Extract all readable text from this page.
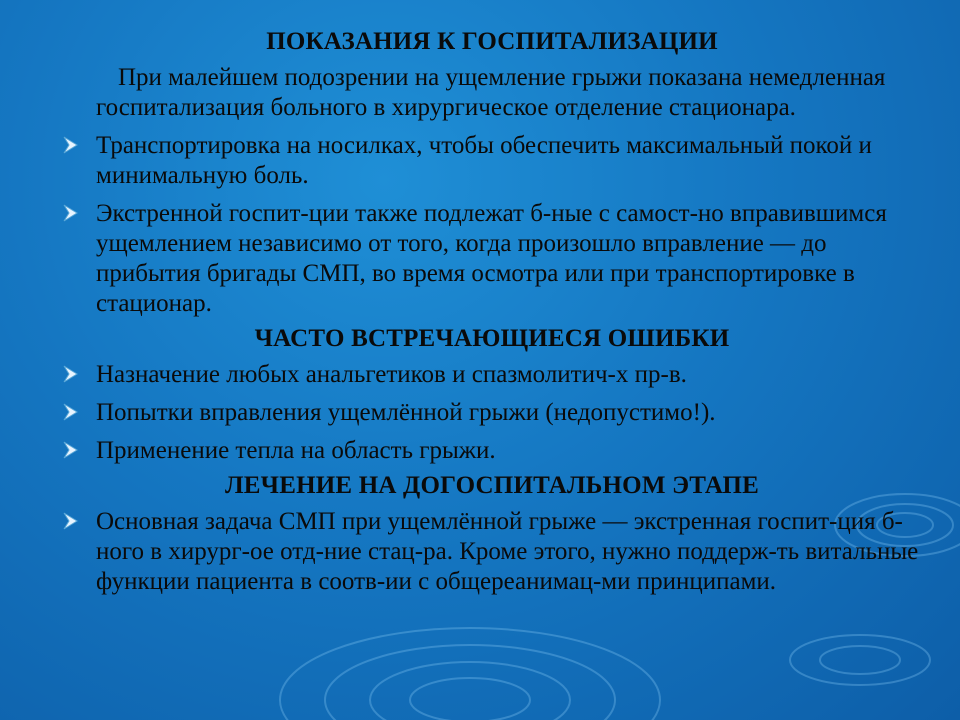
ПОКАЗАНИЯ К ГОСПИТАЛИЗАЦИИ

При малейшем подозрении на ущемление грыжи показана немедленная госпитализация больного в хирургическое отделение стационара.

Транспортировка на носилках, чтобы обеспечить максимальный покой и минимальную боль.
Экстренной госпит-ции также подлежат б-ные с самост-но вправившимся ущемлением независимо от того, когда произошло вправление — до прибытия бригады СМП, во время осмотра или при транспортировке в стационар.

ЧАСТО ВСТРЕЧАЮЩИЕСЯ ОШИБКИ

Назначение любых анальгетиков и спазмолитич-х пр-в.
Попытки вправления ущемлённой грыжи (недопустимо!).
Применение тепла на область грыжи.

ЛЕЧЕНИЕ НА ДОГОСПИТАЛЬНОМ ЭТАПЕ

Основная задача СМП при ущемлённой грыже — экстренная госпит-ция б-ного в хирург-ое отд-ние стац-ра. Кроме этого, нужно поддерж-ть витальные функции пациента в соотв-ии с общереанимац-ми принципами.
